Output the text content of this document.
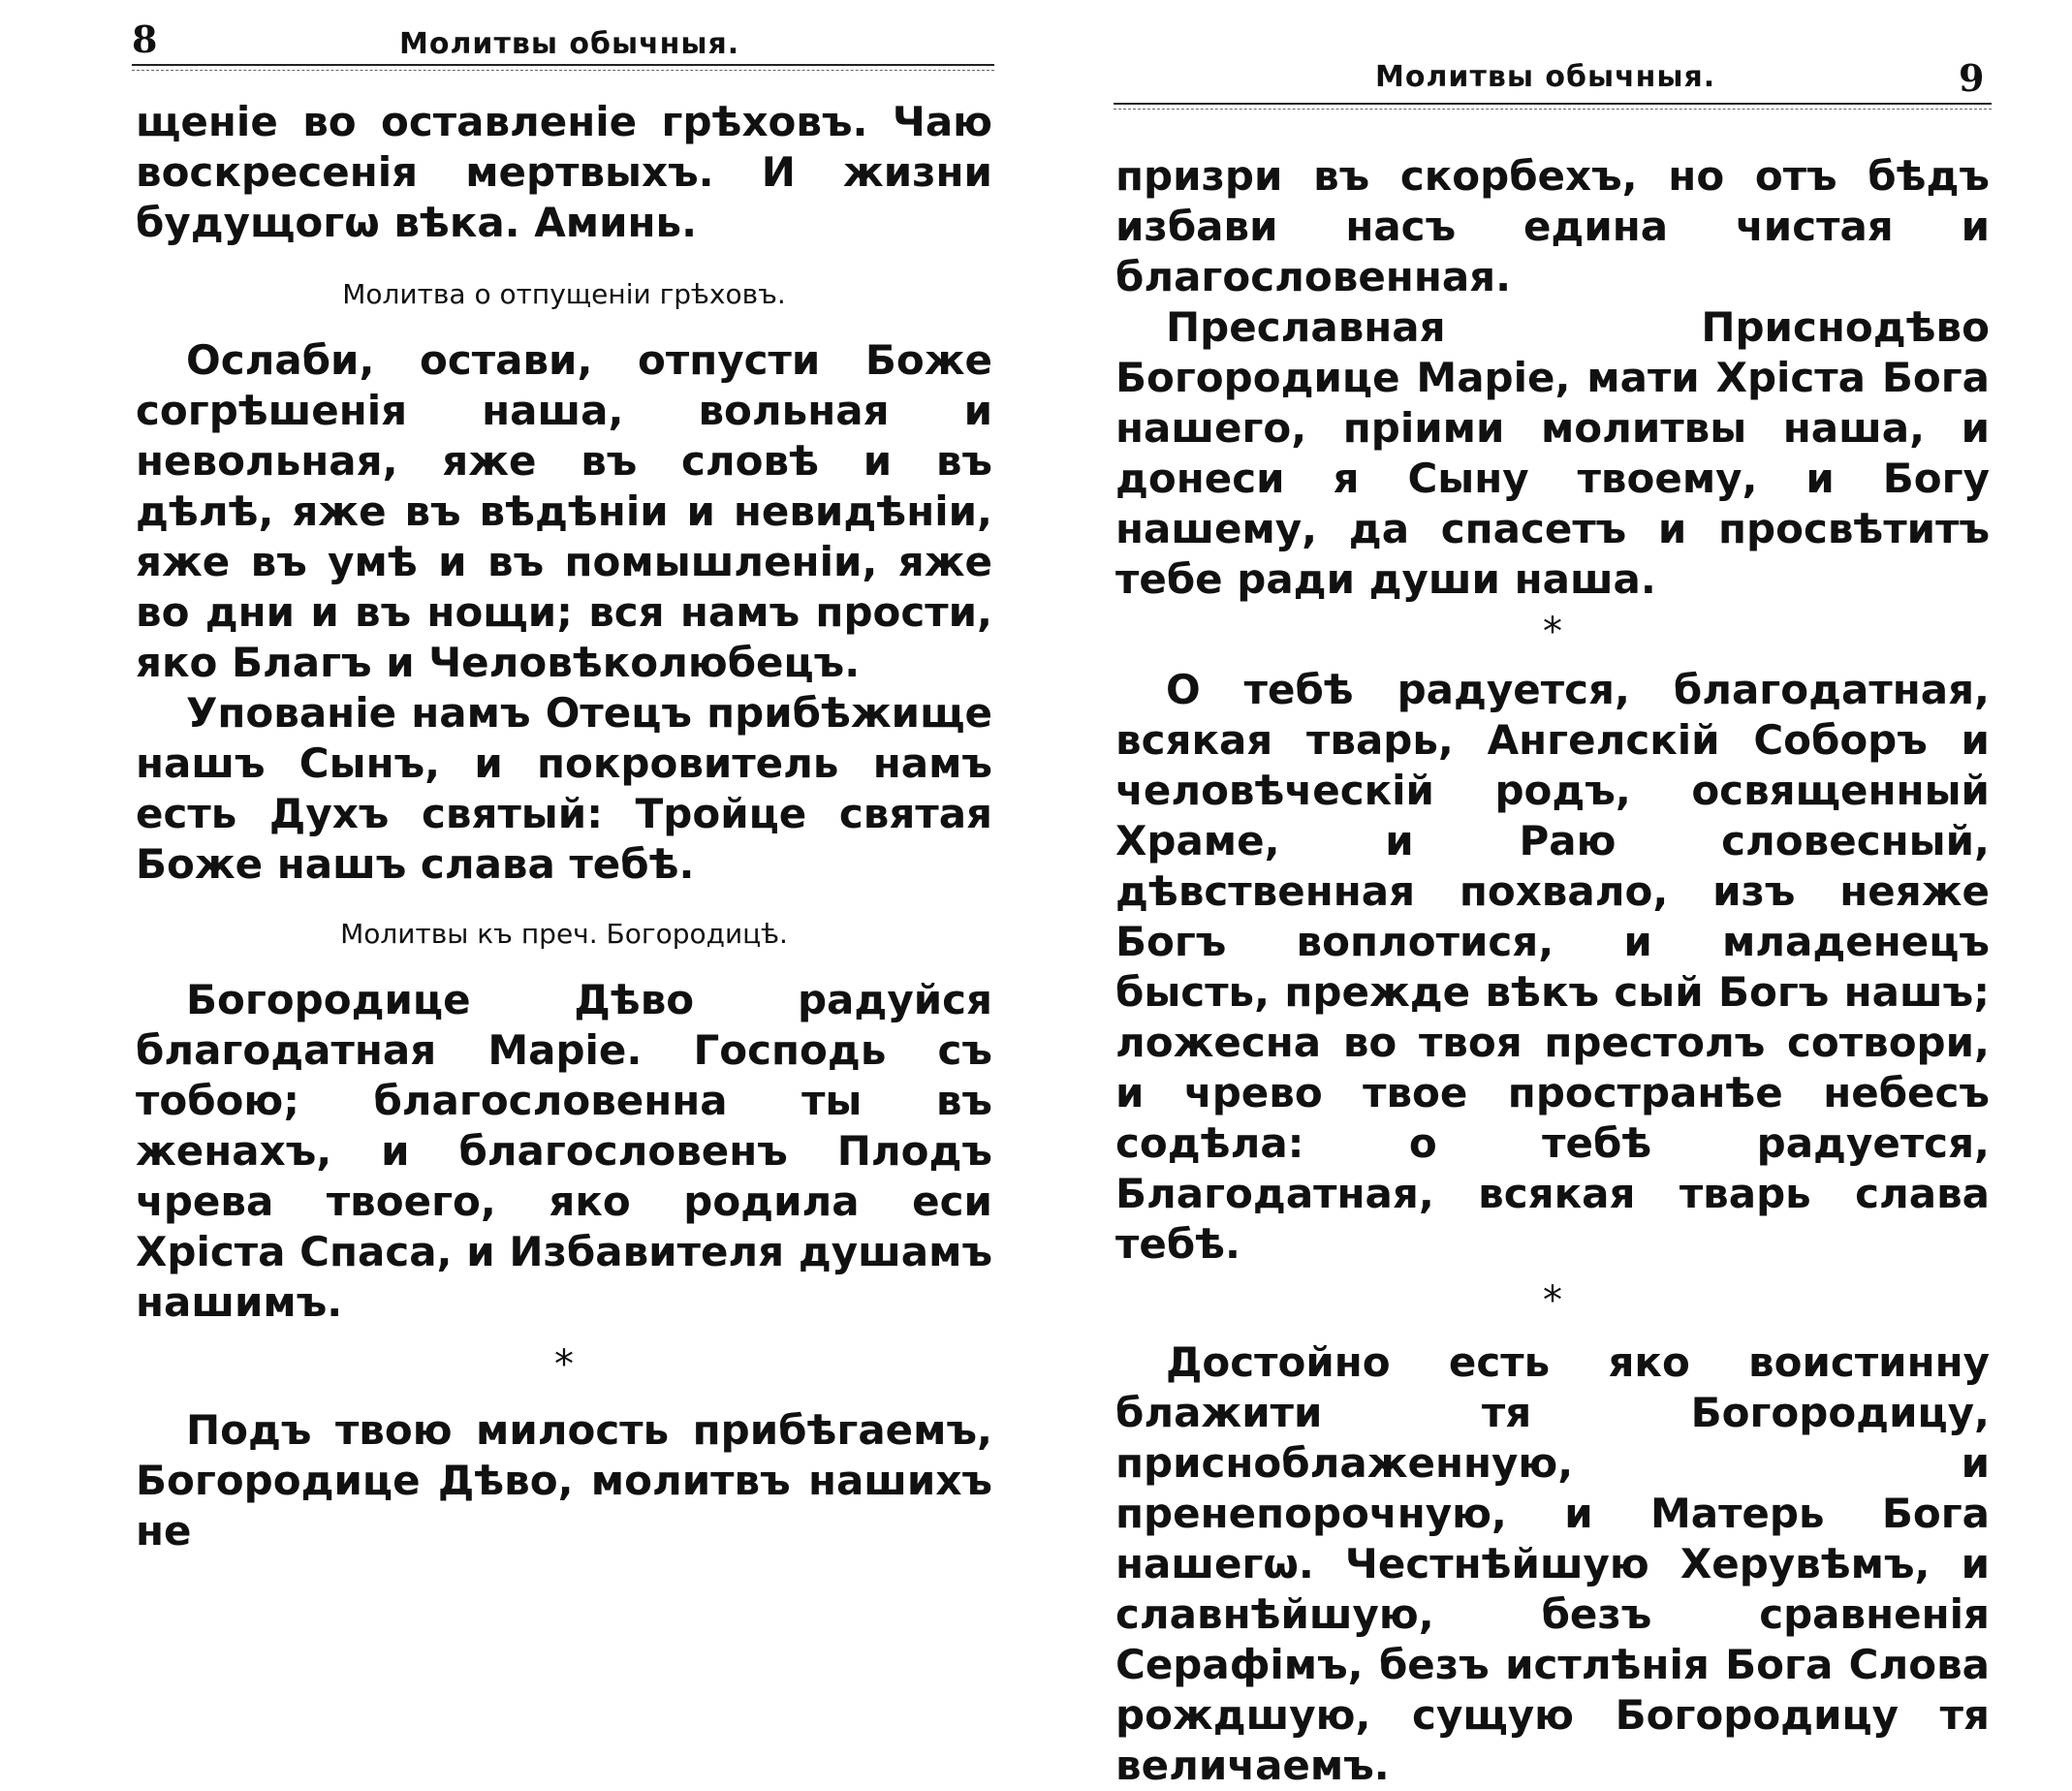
8	Молитвы обычныя.

щеніе во оставленіе грѣховъ. Чаю воскресенія мертвыхъ. И жизни будущогω вѣка. Аминь.

Молитва о отпущеніи грѣховъ.

Ослаби, остави, отпусти Боже согрѣшенія наша, вольная и невольная, яже въ словѣ и въ дѣлѣ, яже въ вѣдѣніи и невидѣніи, яже въ умѣ и въ помышленіи, яже во дни и въ нощи; вся намъ прости, яко Благъ и Человѣколюбецъ.

Упованіе намъ Отецъ прибѣжище нашъ Сынъ, и покровитель намъ есть Духъ святый: Тройце святая Боже нашъ слава тебѣ.

Молитвы къ преч. Богородицѣ.

Богородице Дѣво радуйся благодатная Маріе. Господь съ тобою; благословенна ты въ женахъ, и благословенъ Плодъ чрева твоего, яко родила еси Хріста Спаса, и Избавителя душамъ нашимъ.

*

Подъ твою милость прибѣгаемъ, Богородице Дѣво, молитвъ нашихъ не

Молитвы обычныя.	9

призри въ скорбехъ, но отъ бѣдъ избави насъ едина чистая и благословенная.

Преславная Приснодѣво Богородице Маріе, мати Хріста Бога нашего, пріими молитвы наша, и донеси я Сыну твоему, и Богу нашему, да спасетъ и просвѣтитъ тебе ради души наша.

*

О тебѣ радуется, благодатная, всякая тварь, Ангелскій Соборъ и человѣческій родъ, освященный Храме, и Раю словесный, дѣвственная похвало, изъ неяже Богъ воплотися, и младенецъ бысть, прежде вѣкъ сый Богъ нашъ; ложесна во твоя престолъ сотвори, и чрево твое пространѣе небесъ содѣла: о тебѣ радуется, Благодатная, всякая тварь слава тебѣ.

*

Достойно есть яко воистинну блажити тя Богородицу, присноблаженную, и пренепорочную, и Матерь Бога нашегω. Честнѣйшую Херувѣмъ, и славнѣйшую, безъ сравненія Серафімъ, безъ истлѣнія Бога Слова рождшую, сущую Богородицу тя величаемъ.
